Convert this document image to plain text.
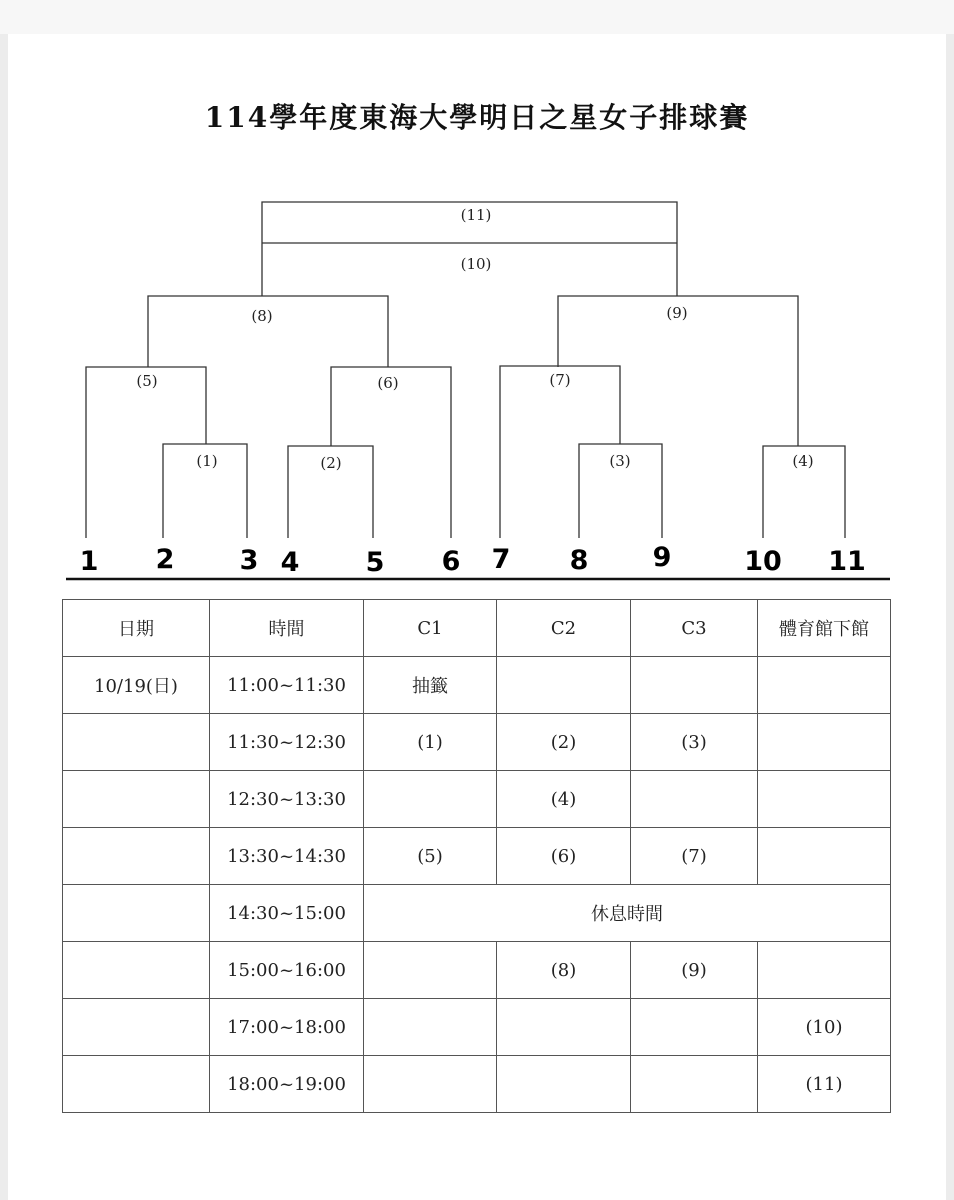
114學年度東海大學明日之星女子排球賽
(1)	(2)	(3)	(4)
(5)	(6)	(7)
(8)	(9)
(10)
(11)
1 2 3 4 5 6 7 8 9	10 11
日期	時間	C1	C2	C3	體育館下館
10/19(日)	11:00~11:30	抽籤			
	11:30~12:30	(1)	(2)	(3)	
	12:30~13:30		(4)		
	13:30~14:30	(5)	(6)	(7)	
	14:30~15:00	休息時間			
	15:00~16:00		(8)	(9)	
	17:00~18:00				(10)
	18:00~19:00				(11)
